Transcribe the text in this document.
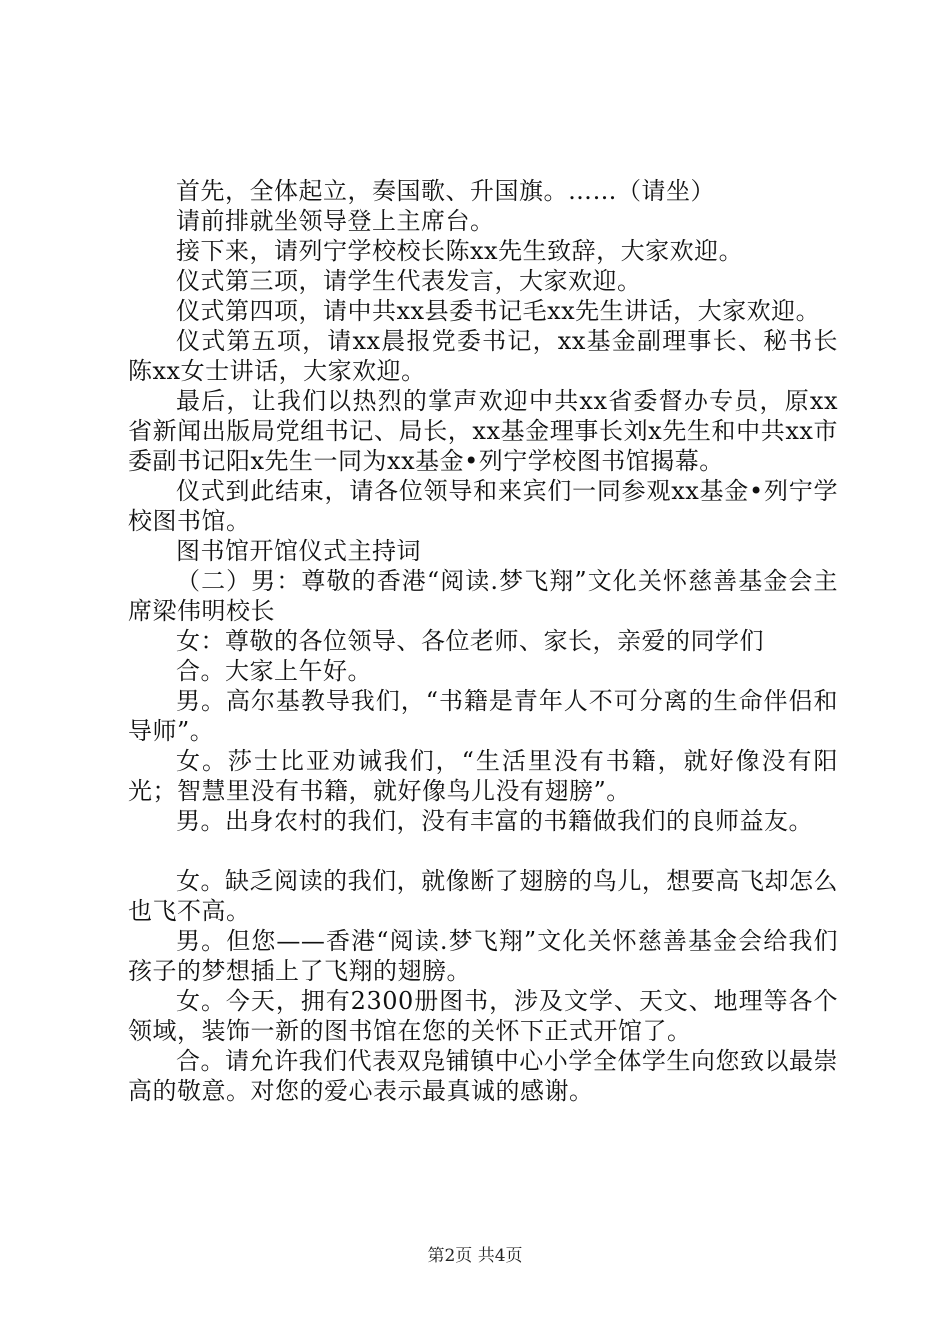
首先，全体起立，奏国歌、升国旗。……（请坐）

请前排就坐领导登上主席台。

接下来，请列宁学校校长陈xx先生致辞，大家欢迎。

仪式第三项，请学生代表发言，大家欢迎。

仪式第四项，请中共xx县委书记毛xx先生讲话，大家欢迎。

仪式第五项，请xx晨报党委书记，xx基金副理事长、秘书长陈xx女士讲话，大家欢迎。

最后，让我们以热烈的掌声欢迎中共xx省委督办专员，原xx省新闻出版局党组书记、局长，xx基金理事长刘x先生和中共xx市委副书记阳x先生一同为xx基金•列宁学校图书馆揭幕。

仪式到此结束，请各位领导和来宾们一同参观xx基金•列宁学校图书馆。

图书馆开馆仪式主持词

（二）男：尊敬的香港“阅读.梦飞翔”文化关怀慈善基金会主席梁伟明校长

女：尊敬的各位领导、各位老师、家长，亲爱的同学们

合。大家上午好。

男。高尔基教导我们，“书籍是青年人不可分离的生命伴侣和导师”。

女。莎士比亚劝诫我们，“生活里没有书籍，就好像没有阳光；智慧里没有书籍，就好像鸟儿没有翅膀”。

男。出身农村的我们，没有丰富的书籍做我们的良师益友。

女。缺乏阅读的我们，就像断了翅膀的鸟儿，想要高飞却怎么也飞不高。

男。但您——香港“阅读.梦飞翔”文化关怀慈善基金会给我们孩子的梦想插上了飞翔的翅膀。

女。今天，拥有2300册图书，涉及文学、天文、地理等各个领域，装饰一新的图书馆在您的关怀下正式开馆了。

合。请允许我们代表双凫铺镇中心小学全体学生向您致以最崇高的敬意。对您的爱心表示最真诚的感谢。

第2页 共4页
